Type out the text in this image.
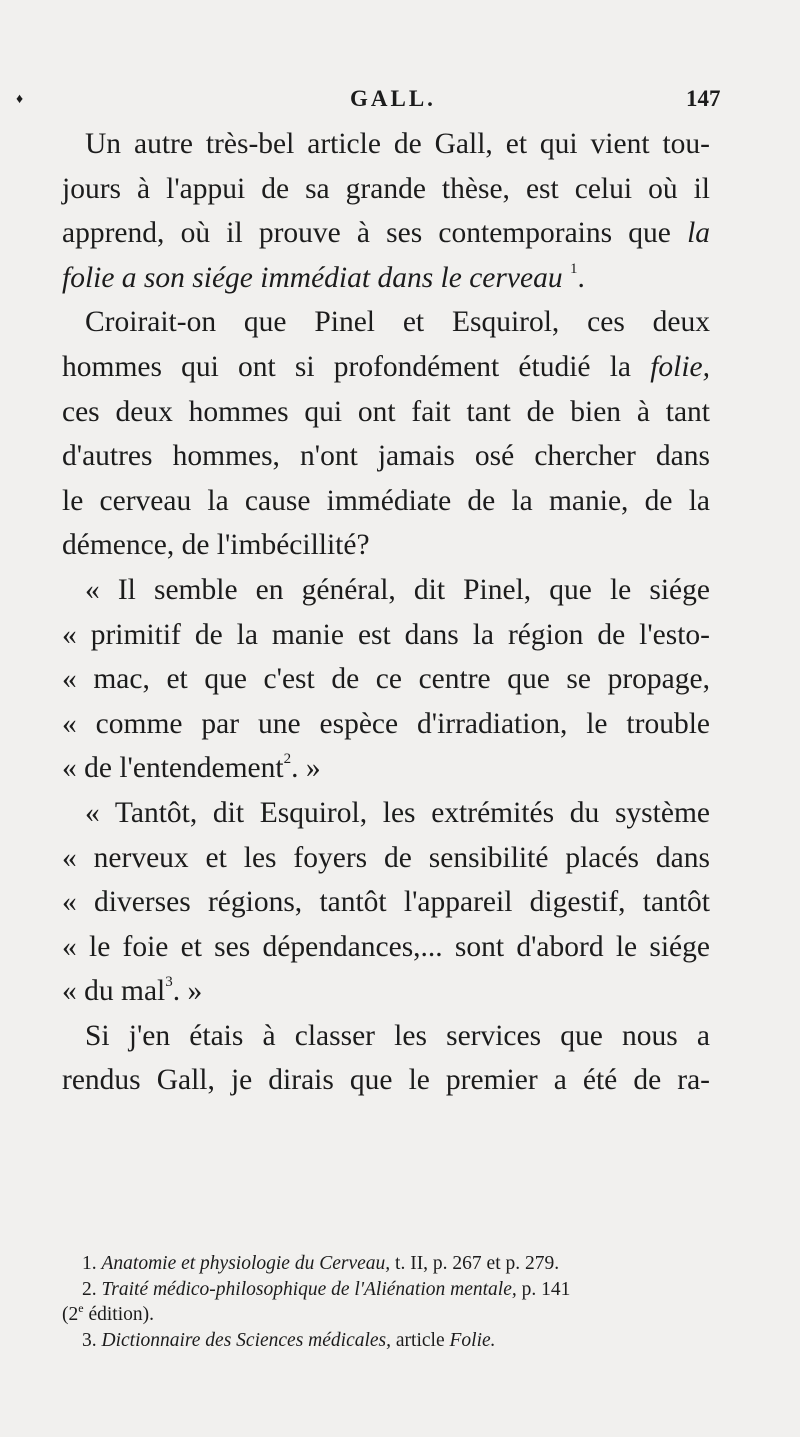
♦	GALL.	147
Un autre très-bel article de Gall, et qui vient tou-
jours à l'appui de sa grande thèse, est celui où il
apprend, où il prouve à ses contemporains que la
folie a son siége immédiat dans le cerveau $^1$.
Croirait-on que Pinel et Esquirol, ces deux
hommes qui ont si profondément étudié la folie,
ces deux hommes qui ont fait tant de bien à tant
d'autres hommes, n'ont jamais osé chercher dans
le cerveau la cause immédiate de la manie, de la
démence, de l'imbécillité?
« Il semble en général, dit Pinel, que le siége
« primitif de la manie est dans la région de l'esto-
« mac, et que c'est de ce centre que se propage,
« comme par une espèce d'irradiation, le trouble
« de l'entendement$^2$. »
« Tantôt, dit Esquirol, les extrémités du système
« nerveux et les foyers de sensibilité placés dans
« diverses régions, tantôt l'appareil digestif, tantôt
« le foie et ses dépendances,... sont d'abord le siége
« du mal$^3$. »
Si j'en étais à classer les services que nous a
rendus Gall, je dirais que le premier a été de ra-
1. Anatomie et physiologie du Cerveau, t. II, p. 267 et p. 279.
2. Traité médico-philosophique de l'Aliénation mentale, p. 141
(2e édition).
3. Dictionnaire des Sciences médicales, article Folie.
